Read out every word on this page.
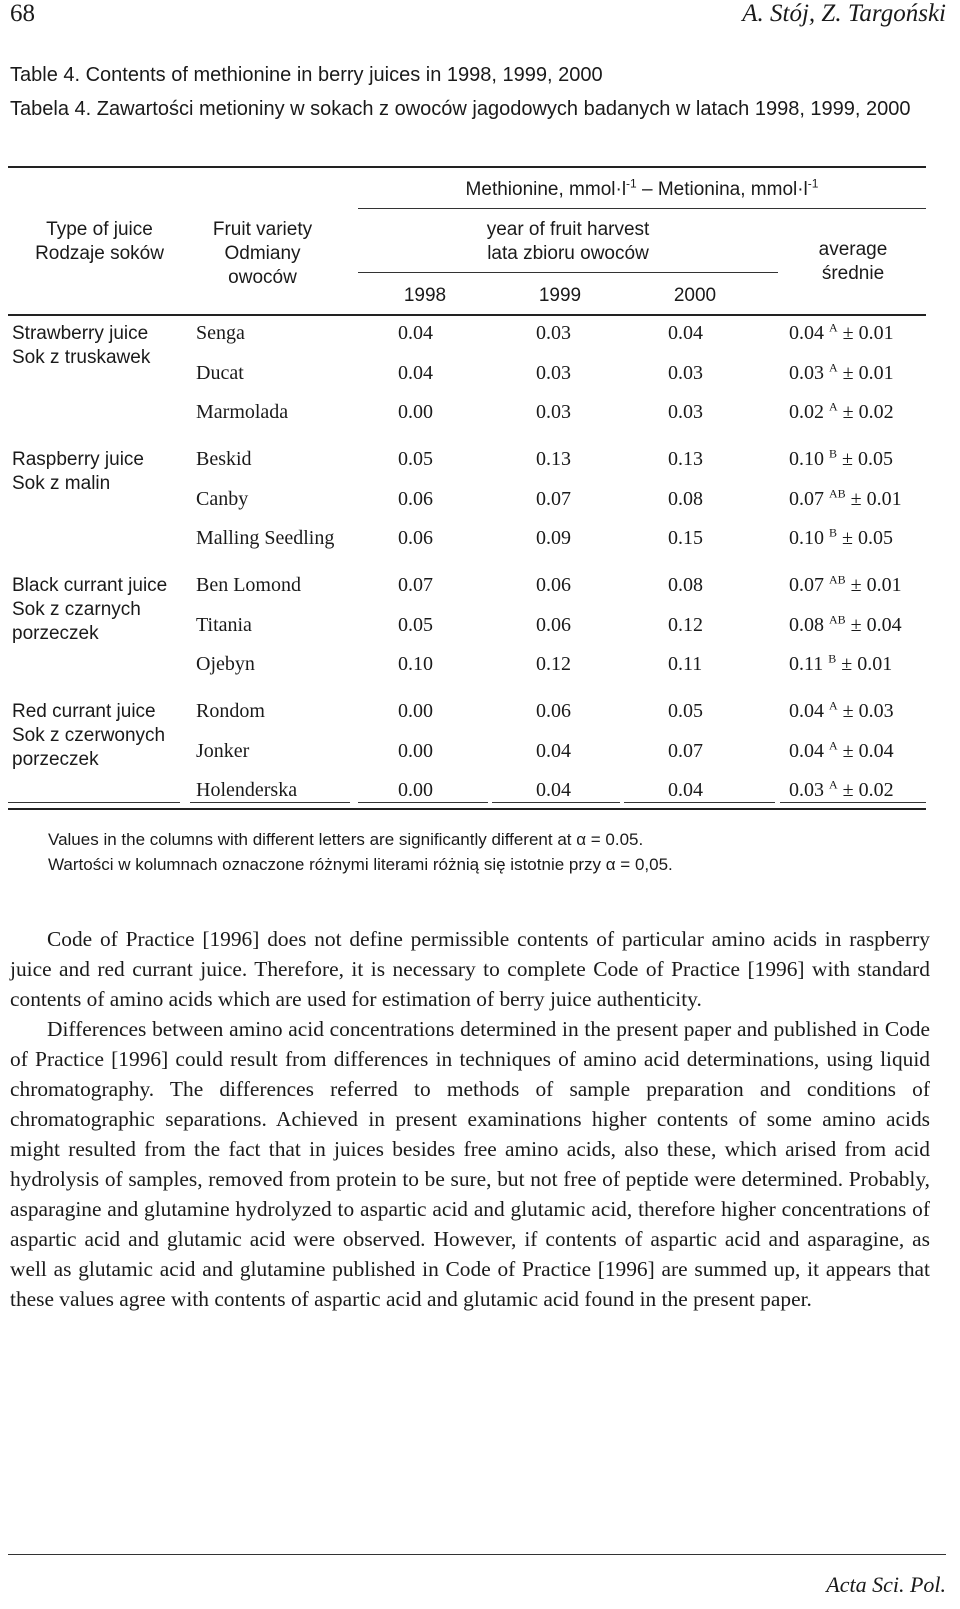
68	A. Stój, Z. Targoński
Table 4. Contents of methionine in berry juices in 1998, 1999, 2000
Tabela 4. Zawartości metioniny w sokach z owoców jagodowych badanych w latach 1998, 1999, 2000
Type of juice
Rodzaje soków
Fruit variety
Odmiany owoców
Methionine, $mmol\cdot l^{-1}$ – Metionina, $mmol\cdot l^{-1}$
year of fruit harvest
lata zbioru owoców	average
średnie
1998	1999	2000
Strawberry juice
Sok z truskawek
Senga	0.04	0.03	0.04	0.04 $^A$ ± 0.01
Ducat	0.04	0.03	0.03	0.03 $^A$ ± 0.01
Marmolada	0.00	0.03	0.03	0.02 $^A$ ± 0.02
Raspberry juice
Sok z malin
Beskid	0.05	0.13	0.13	0.10 $^B$ ± 0.05
Canby	0.06	0.07	0.08	0.07 $^{AB}$ ± 0.01
Malling Seedling	0.06	0.09	0.15	0.10 $^B$ ± 0.05
Black currant juice
Sok z czarnych
porzeczek
Ben Lomond	0.07	0.06	0.08	0.07 $^{AB}$ ± 0.01
Titania	0.05	0.06	0.12	0.08 $^{AB}$ ± 0.04
Ojebyn	0.10	0.12	0.11	0.11 $^B$ ± 0.01
Red currant juice
Sok z czerwonych
porzeczek
Rondom	0.00	0.06	0.05	0.04 $^A$ ± 0.03
Jonker	0.00	0.04	0.07	0.04 $^A$ ± 0.04
Holenderska	0.00	0.04	0.04	0.03 $^A$ ± 0.02
Values in the columns with different letters are significantly different at α = 0.05.
Wartości w kolumnach oznaczone różnymi literami różnią się istotnie przy α = 0,05.

Code of Practice [1996] does not define permissible contents of particular amino acids in raspberry juice and red currant juice. Therefore, it is necessary to complete Code of Practice [1996] with standard contents of amino acids which are used for estimation of berry juice authenticity.

Differences between amino acid concentrations determined in the present paper and published in Code of Practice [1996] could result from differences in techniques of amino acid determinations, using liquid chromatography. The differences referred to methods of sample preparation and conditions of chromatographic separations. Achieved in present examinations higher contents of some amino acids might resulted from the fact that in juices besides free amino acids, also these, which arised from acid hydrolysis of samples, removed from protein to be sure, but not free of peptide were determined. Probably, asparagine and glutamine hydrolyzed to aspartic acid and glutamic acid, therefore higher concentrations of aspartic acid and glutamic acid were observed. However, if contents of aspartic acid and asparagine, as well as glutamic acid and glutamine published in Code of Practice [1996] are summed up, it appears that these values agree with contents of aspartic acid and glutamic acid found in the present paper.

Acta Sci. Pol.
